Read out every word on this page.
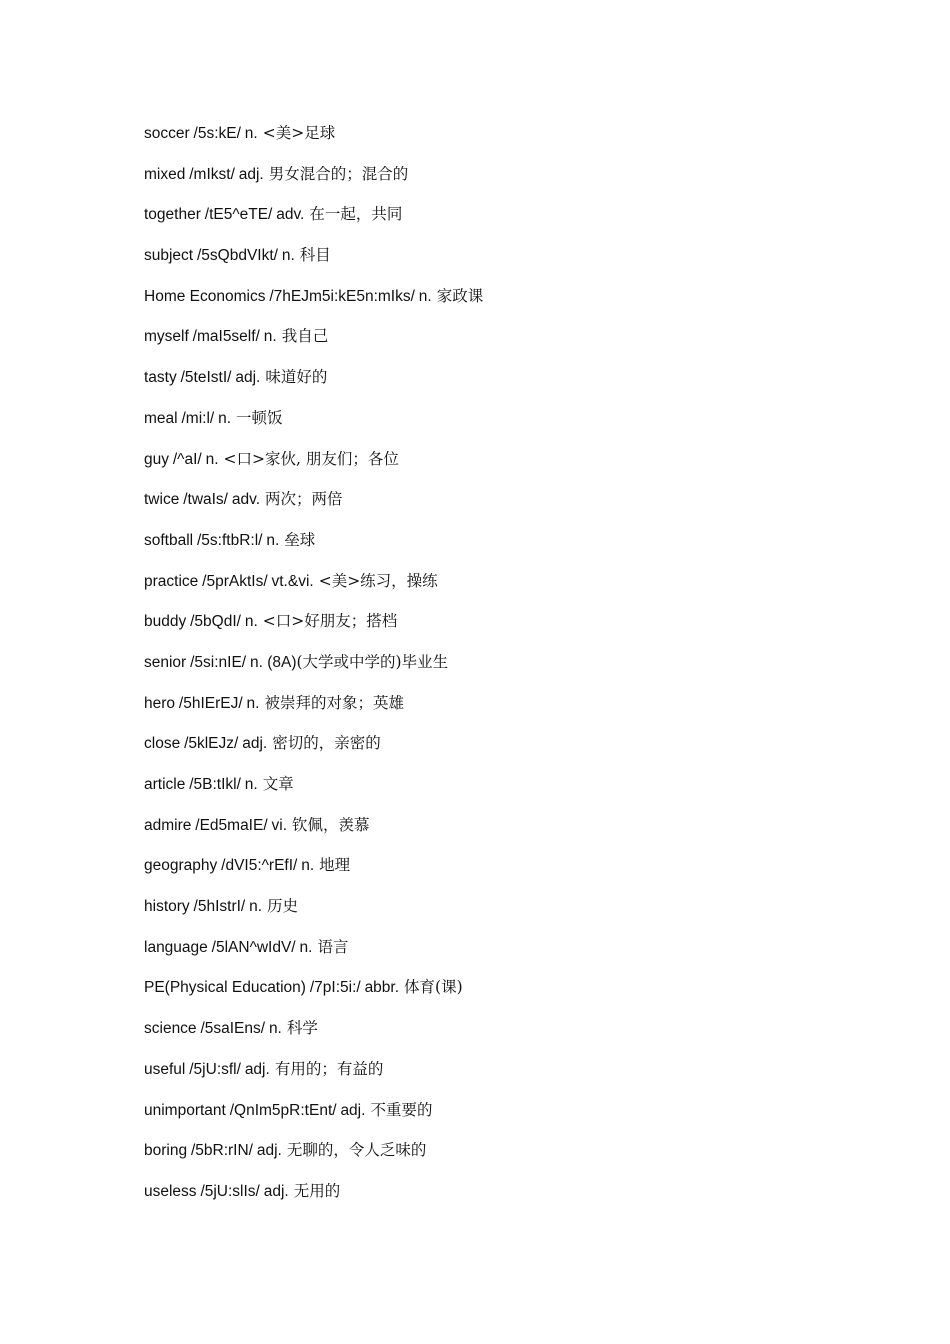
soccer /5s:kE/ n. <美>足球
mixed /mIkst/ adj. 男女混合的；混合的
together /tE5^eTE/ adv. 在一起，共同
subject /5sQbdVIkt/ n. 科目
Home Economics /7hEJm5i:kE5n:mIks/ n. 家政课
myself /maI5self/ n. 我自己
tasty /5teIstI/ adj. 味道好的
meal /mi:l/ n. 一顿饭
guy /^aI/ n. <口>家伙, 朋友们；各位
twice /twaIs/ adv. 两次；两倍
softball /5s:ftbR:l/ n. 垒球
practice /5prAktIs/ vt.&vi. <美>练习，操练
buddy /5bQdI/ n. <口>好朋友；搭档
senior /5si:nIE/ n. (8A)(大学或中学的)毕业生
hero /5hIErEJ/ n. 被崇拜的对象；英雄
close /5klEJz/ adj. 密切的，亲密的
article /5B:tIkl/ n. 文章
admire /Ed5maIE/ vi. 钦佩，羡慕
geography /dVI5:^rEfI/ n. 地理
history /5hIstrI/ n. 历史
language /5lAN^wIdV/ n. 语言
PE(Physical Education) /7pI:5i:/ abbr. 体育(课)
science /5saIEns/ n. 科学
useful /5jU:sfl/ adj. 有用的；有益的
unimportant /QnIm5pR:tEnt/ adj. 不重要的
boring /5bR:rIN/ adj. 无聊的，令人乏味的
useless /5jU:slIs/ adj. 无用的
